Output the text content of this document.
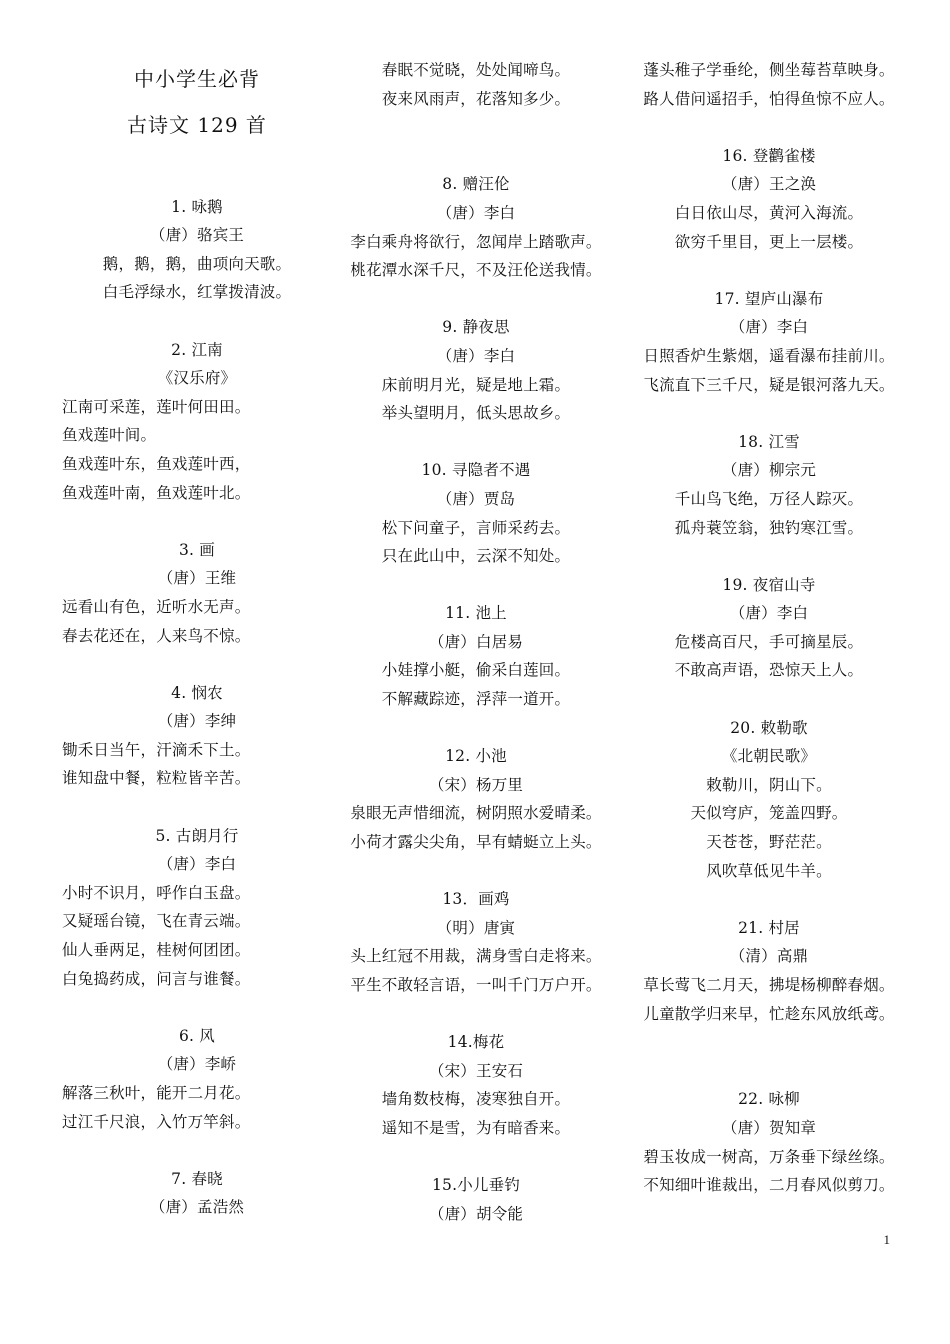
中小学生必背
古诗文 129 首
1. 咏鹅
（唐）骆宾王
鹅，鹅，鹅，曲项向天歌。
白毛浮绿水，红掌拨清波。
2. 江南
《汉乐府》
江南可采莲，莲叶何田田。
鱼戏莲叶间。
鱼戏莲叶东，鱼戏莲叶西，
鱼戏莲叶南，鱼戏莲叶北。
3. 画
（唐）王维
远看山有色，近听水无声。
春去花还在，人来鸟不惊。
4. 悯农
（唐）李绅
锄禾日当午，汗滴禾下土。
谁知盘中餐，粒粒皆辛苦。
5. 古朗月行
（唐）李白
小时不识月，呼作白玉盘。
又疑瑶台镜，飞在青云端。
仙人垂两足，桂树何团团。
白兔捣药成，问言与谁餐。
6. 风
（唐）李峤
解落三秋叶，能开二月花。
过江千尺浪，入竹万竿斜。
7. 春晓
（唐）孟浩然
春眠不觉晓，处处闻啼鸟。
夜来风雨声，花落知多少。
8. 赠汪伦
（唐）李白
李白乘舟将欲行，忽闻岸上踏歌声。
桃花潭水深千尺，不及汪伦送我情。
9. 静夜思
（唐）李白
床前明月光，疑是地上霜。
举头望明月，低头思故乡。
10. 寻隐者不遇
（唐）贾岛
松下问童子，言师采药去。
只在此山中，云深不知处。
11. 池上
（唐）白居易
小娃撑小艇，偷采白莲回。
不解藏踪迹，浮萍一道开。
12. 小池
（宋）杨万里
泉眼无声惜细流，树阴照水爱晴柔。
小荷才露尖尖角，早有蜻蜓立上头。
13．画鸡
（明）唐寅
头上红冠不用裁，满身雪白走将来。
平生不敢轻言语，一叫千门万户开。
14.梅花
（宋）王安石
墙角数枝梅，凌寒独自开。
遥知不是雪，为有暗香来。
15.小儿垂钓
（唐）胡令能
蓬头稚子学垂纶，侧坐莓苔草映身。
路人借问遥招手，怕得鱼惊不应人。
16. 登鹳雀楼
（唐）王之涣
白日依山尽，黄河入海流。
欲穷千里目，更上一层楼。
17. 望庐山瀑布
（唐）李白
日照香炉生紫烟，遥看瀑布挂前川。
飞流直下三千尺，疑是银河落九天。
18. 江雪
（唐）柳宗元
千山鸟飞绝，万径人踪灭。
孤舟蓑笠翁，独钓寒江雪。
19. 夜宿山寺
（唐）李白
危楼高百尺，手可摘星辰。
不敢高声语，恐惊天上人。
20. 敕勒歌
《北朝民歌》
敕勒川，阴山下。
天似穹庐，笼盖四野。
天苍苍，野茫茫。
风吹草低见牛羊。
21. 村居
（清）高鼎
草长莺飞二月天，拂堤杨柳醉春烟。
儿童散学归来早，忙趁东风放纸鸢。
22. 咏柳
（唐）贺知章
碧玉妆成一树高，万条垂下绿丝绦。
不知细叶谁裁出，二月春风似剪刀。
1
